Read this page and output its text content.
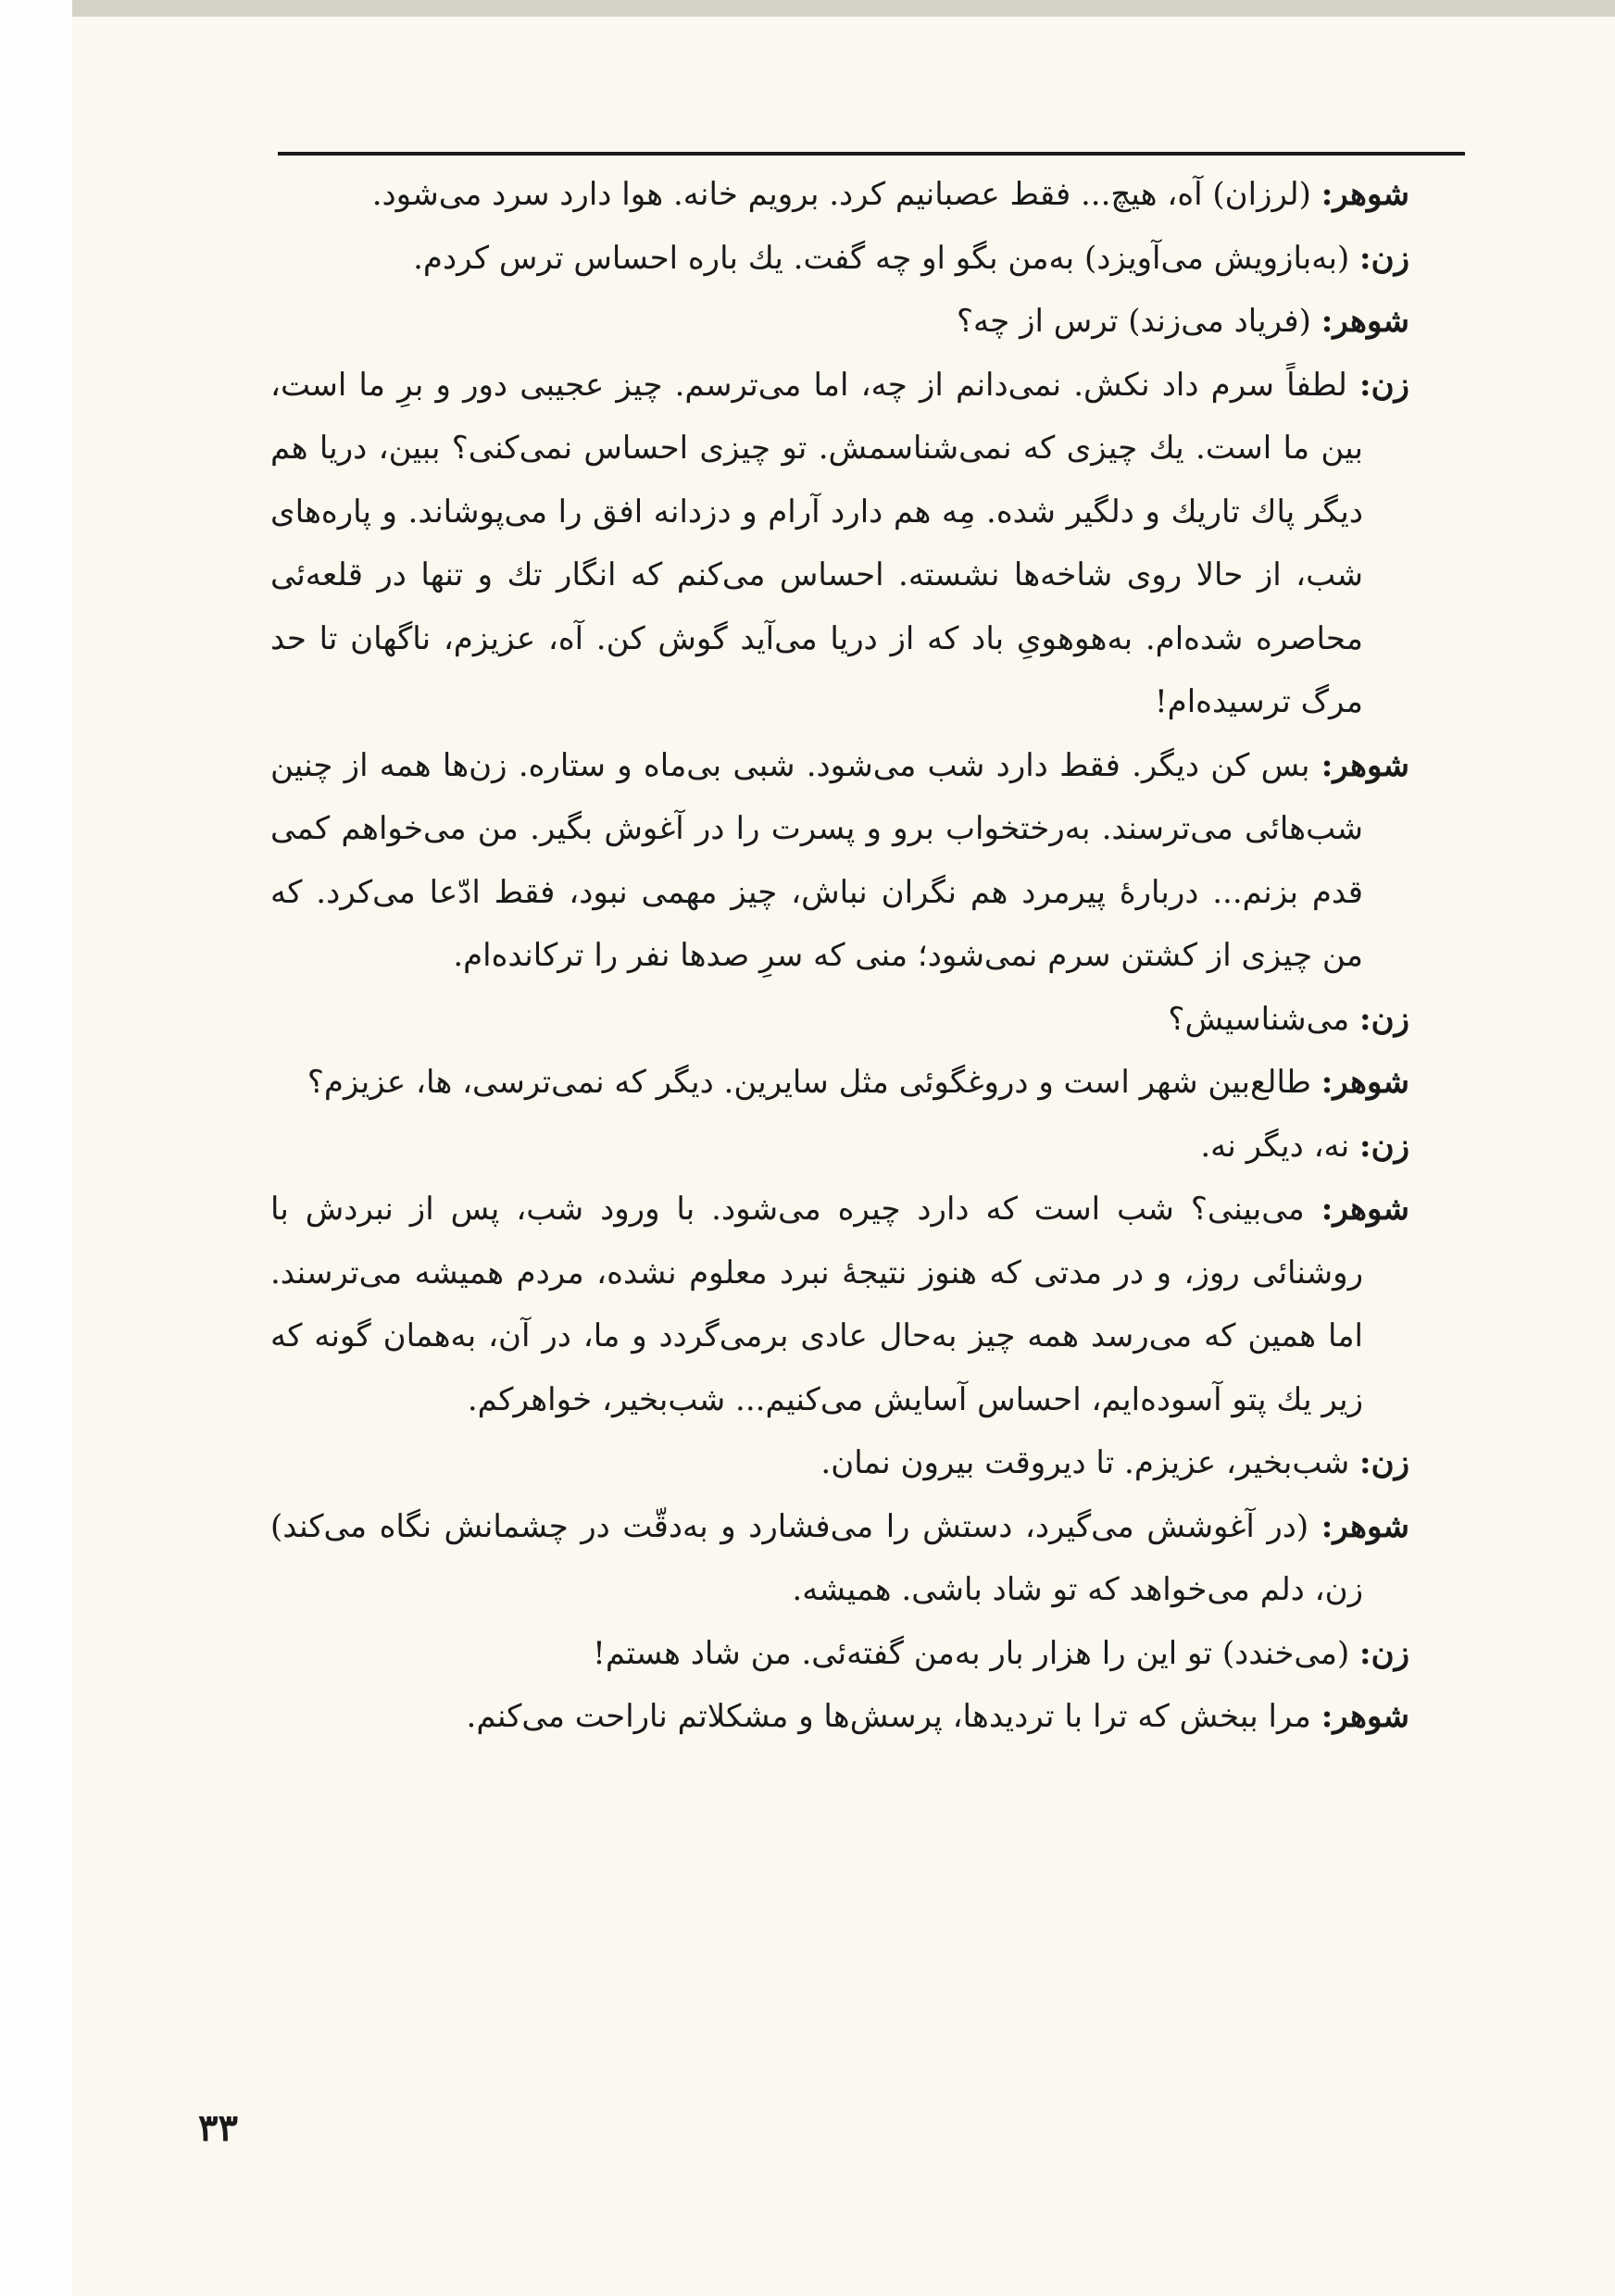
شوهر: (لرزان) آه، هیچ... فقط عصبانیم کرد. برویم خانه. هوا دارد سرد می‌شود.

زن: (به‌بازویش می‌آویزد) به‌من بگو او چه گفت. یك باره احساس ترس کردم.

شوهر: (فریاد می‌زند) ترس از چه؟

زن: لطفاً سرم داد نکش. نمی‌دانم از چه، اما می‌ترسم. چیز عجیبی دور و برِ ما است، بین ما است. یك چیزی که نمی‌شناسمش. تو چیزی احساس نمی‌کنی؟ ببین، دریا هم دیگر پاك تاریك و دلگیر شده. مِه هم دارد آرام و دزدانه افق را می‌پوشاند. و پاره‌های شب، از حالا روی شاخه‌ها نشسته. احساس می‌کنم که انگار تك و تنها در قلعه‌ئی محاصره شده‌ام. به‌هوهویِ باد که از دریا می‌آید گوش کن. آه، عزیزم، ناگهان تا حد مرگ ترسیده‌ام!

شوهر: بس کن دیگر. فقط دارد شب می‌شود. شبی بی‌ماه و ستاره. زن‌ها همه از چنین شب‌هائی می‌ترسند. به‌رختخواب برو و پسرت را در آغوش بگیر. من می‌خواهم کمی قدم بزنم... دربارهٔ پیرمرد هم نگران نباش، چیز مهمی نبود، فقط ادّعا می‌کرد. که من چیزی از کشتن سرم نمی‌شود؛ منی که سرِ صدها نفر را ترکانده‌ام.

زن: می‌شناسیش؟

شوهر: طالع‌بین شهر است و دروغگوئی مثل سایرین. دیگر که نمی‌ترسی، ها، عزیزم؟

زن: نه، دیگر نه.

شوهر: می‌بینی؟ شب است که دارد چیره می‌شود. با ورود شب، پس از نبردش با روشنائی روز، و در مدتی که هنوز نتیجهٔ نبرد معلوم نشده، مردم همیشه می‌ترسند. اما همین که می‌رسد همه چیز به‌حال عادی برمی‌گردد و ما، در آن، به‌همان گونه که زیر یك پتو آسوده‌ایم، احساس آسایش می‌کنیم... شب‌بخیر، خواهرکم.

زن: شب‌بخیر، عزیزم. تا دیروقت بیرون نمان.

شوهر: (در آغوشش می‌گیرد، دستش را می‌فشارد و به‌دقّت در چشمانش نگاه می‌کند) زن، دلم می‌خواهد که تو شاد باشی. همیشه.

زن: (می‌خندد) تو این را هزار بار به‌من گفته‌ئی. من شاد هستم!

شوهر: مرا ببخش که ترا با تردیدها، پرسش‌ها و مشکلاتم ناراحت می‌کنم.

۳۳
